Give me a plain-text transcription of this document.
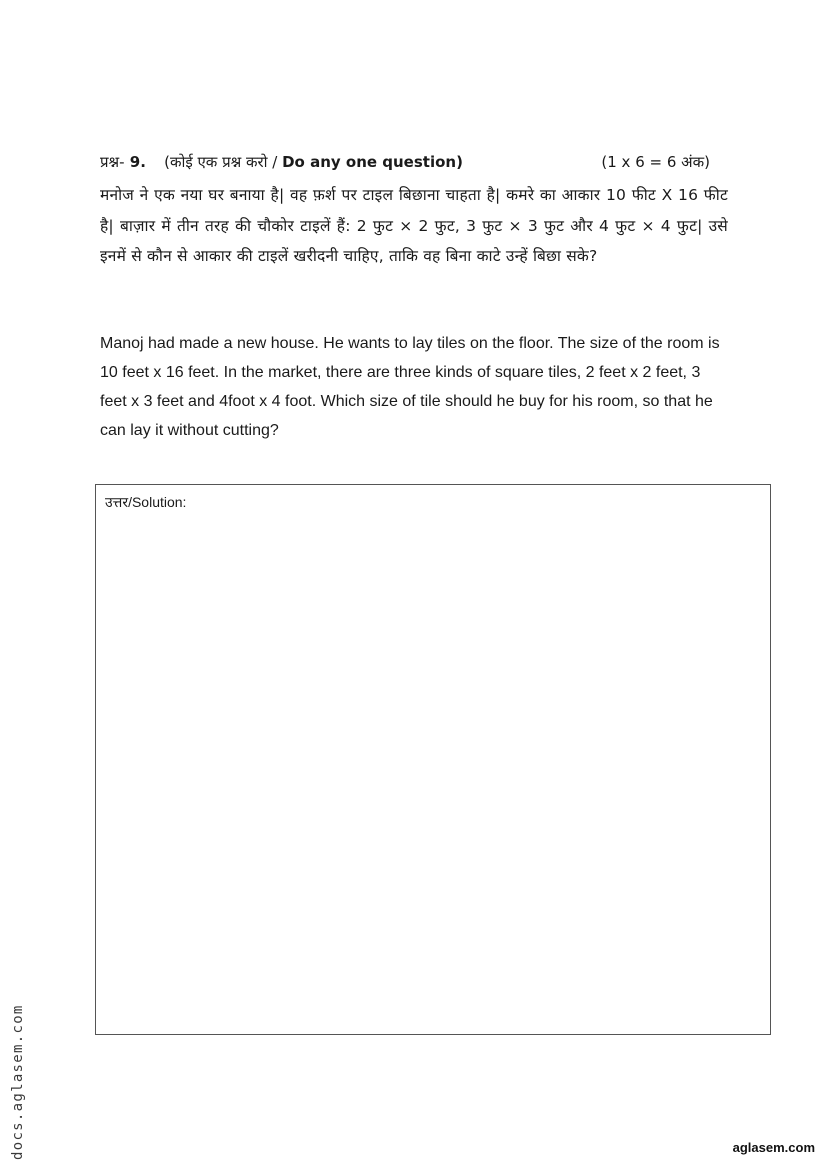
प्रश्न- 9. (कोई एक प्रश्न करो / Do any one question)	(1 x 6 = 6 अंक)
मनोज ने एक नया घर बनाया है| वह फ़र्श पर टाइल बिछाना चाहता है| कमरे का आकार 10 फीट X 16 फीट है| बाज़ार में तीन तरह की चौकोर टाइलें हैं: 2 फुट × 2 फुट, 3 फुट × 3 फुट और 4 फुट × 4 फुट| उसे इनमें से कौन से आकार की टाइलें खरीदनी चाहिए, ताकि वह बिना काटे उन्हें बिछा सके?
Manoj had made a new house. He wants to lay tiles on the floor. The size of the room is 10 feet x 16 feet. In the market, there are three kinds of square tiles, 2 feet x 2 feet, 3 feet x 3 feet and 4foot x 4 foot. Which size of tile should he buy for his room, so that he can lay it without cutting?
उत्तर/Solution:
docs.aglasem.com	aglasem.com
